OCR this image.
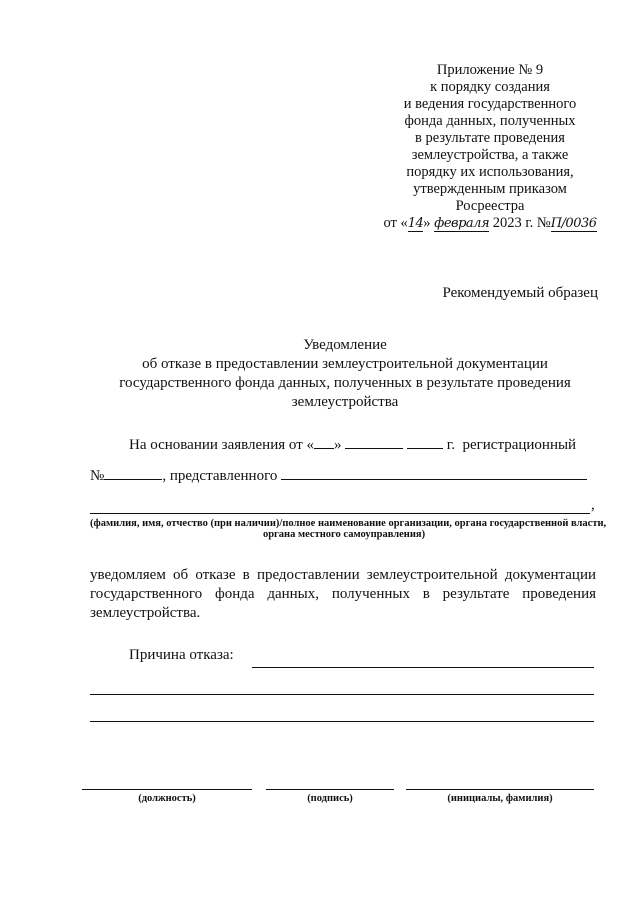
Приложение № 9
к порядку создания
и ведения государственного
фонда данных, полученных
в результате проведения
землеустройства, а также
порядку их использования,
утвержденным приказом
Росреестра
от «14» февраля 2023 г. №П/0036
Рекомендуемый образец
Уведомление
об отказе в предоставлении землеустроительной документации
государственного фонда данных, полученных в результате проведения
землеустройства
На основании заявления от « »	г. регистрационный
№	, представленного
,
(фамилия, имя, отчество (при наличии)/полное наименование организации, органа государственной власти,
органа местного самоуправления)
уведомляем об отказе в предоставлении землеустроительной документации государственного фонда данных, полученных в результате проведения землеустройства.
Причина отказа:
(должность)	(подпись)	(инициалы, фамилия)
